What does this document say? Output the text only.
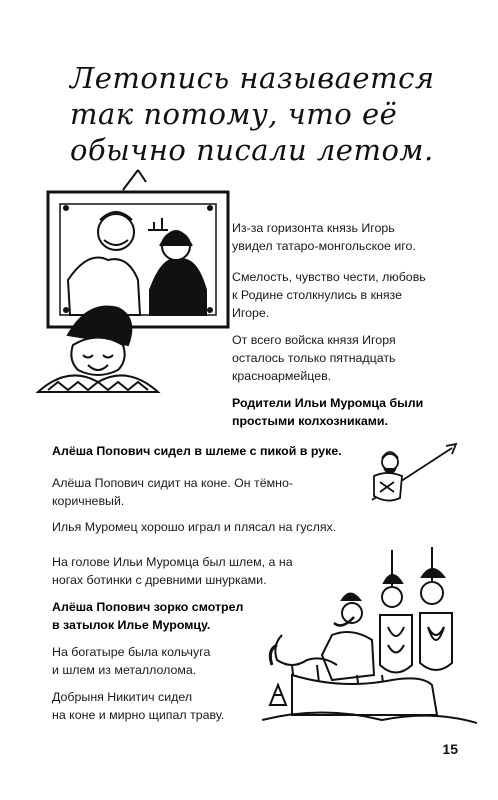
Летопись называется
так потому, что её
обычно писали летом.
Из-за горизонта князь Игорь
увидел татаро-монгольское иго.
Смелость, чувство чести, любовь
к Родине столкнулись в князе
Игоре.
От всего войска князя Игоря
осталось только пятнадцать
красноармейцев.
Родители Ильи Муромца были
простыми колхозниками.
Алёша Попович сидел в шлеме с пикой в руке.
Алёша Попович сидит на коне. Он тёмно-
коричневый.
Илья Муромец хорошо играл и плясал на гуслях.
На голове Ильи Муромца был шлем, а на
ногах ботинки с древними шнурками.
Алёша Попович зорко смотрел
в затылок Илье Муромцу.
На богатыре была кольчуга
и шлем из металлолома.
Добрыня Никитич сидел
на коне и мирно щипал траву.
15
